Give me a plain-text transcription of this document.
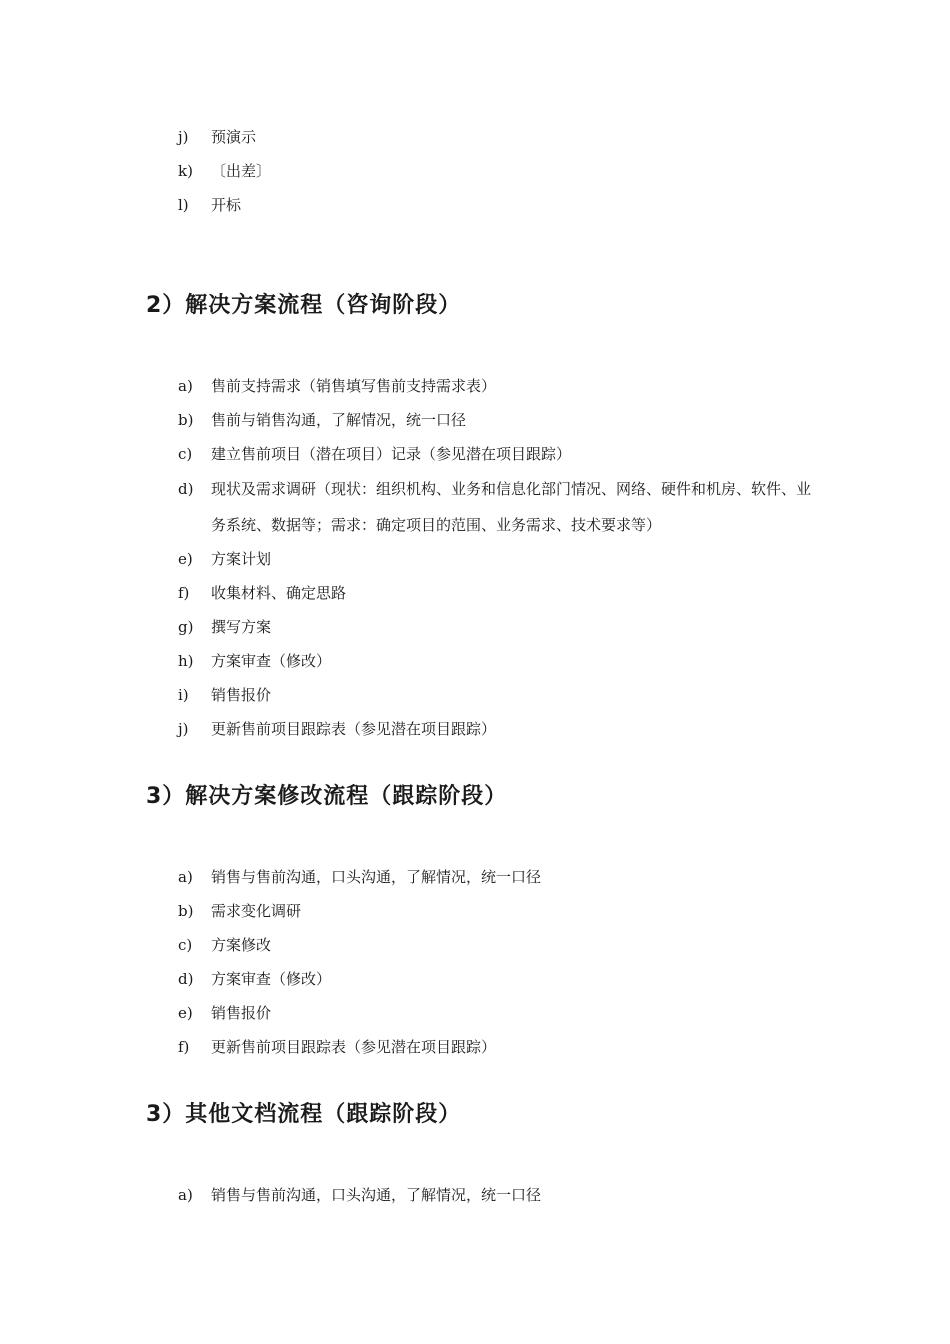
j)	预演示
k)	〔出差〕
l)	开标
2）解决方案流程（咨询阶段）
a)	售前支持需求（销售填写售前支持需求表）
b)	售前与销售沟通，了解情况，统一口径
c)	建立售前项目（潜在项目）记录（参见潜在项目跟踪）
d)	现状及需求调研（现状：组织机构、业务和信息化部门情况、网络、硬件和机房、软件、业务系统、数据等；需求：确定项目的范围、业务需求、技术要求等）
e)	方案计划
f)	收集材料、确定思路
g)	撰写方案
h)	方案审查（修改）
i)	销售报价
j)	更新售前项目跟踪表（参见潜在项目跟踪）
3）解决方案修改流程（跟踪阶段）
a)	销售与售前沟通，口头沟通，了解情况，统一口径
b)	需求变化调研
c)	方案修改
d)	方案审查（修改）
e)	销售报价
f)	更新售前项目跟踪表（参见潜在项目跟踪）
3）其他文档流程（跟踪阶段）
a)	销售与售前沟通，口头沟通，了解情况，统一口径
